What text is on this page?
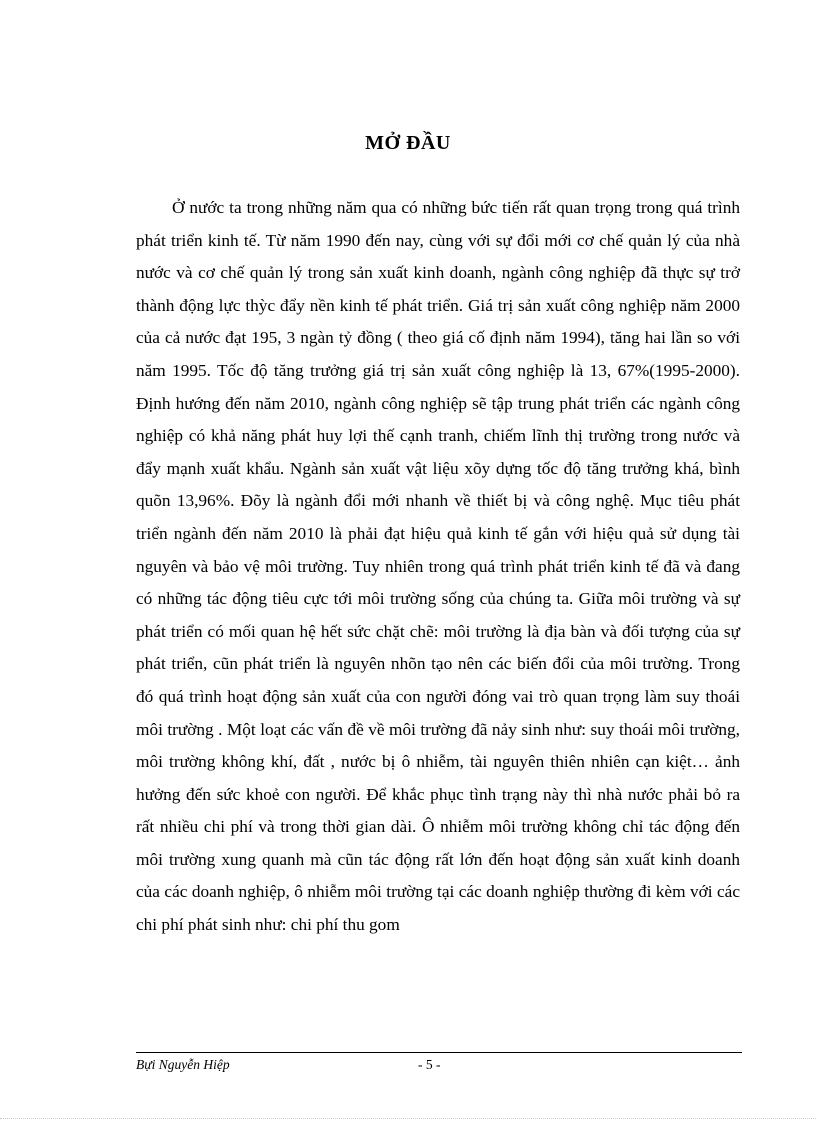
MỞ ĐẦU

Ở nước ta trong những năm qua có những bức tiến rất quan trọng trong quá trình phát triển kinh tế. Từ năm 1990 đến nay, cùng với sự đổi mới cơ chế quản lý của nhà nước và cơ chế quản lý trong sản xuất kinh doanh, ngành công nghiệp đã thực sự trở thành động lực thỳc đẩy nền kinh tế phát triển. Giá trị sản xuất công nghiệp năm 2000 của cả nước đạt 195, 3 ngàn tỷ đồng ( theo giá cố định năm 1994), tăng hai lần so với năm 1995. Tốc độ tăng trưởng giá trị sản xuất công nghiệp là 13, 67%(1995-2000). Định hướng đến năm 2010, ngành công nghiệp sẽ tập trung phát triển các ngành công nghiệp có khả năng phát huy lợi thế cạnh tranh, chiếm lĩnh thị trường trong nước và đẩy mạnh xuất khẩu. Ngành sản xuất vật liệu xõy dựng tốc độ tăng trưởng khá, bình quõn 13,96%. Đõy là ngành đổi mới nhanh về thiết bị và công nghệ. Mục tiêu phát triển ngành đến năm 2010 là phải đạt hiệu quả kinh tế gắn với hiệu quả sử dụng tài nguyên và bảo vệ môi trường. Tuy nhiên trong quá trình phát triển kinh tế đã và đang có những tác động tiêu cực tới môi trường sống của chúng ta. Giữa môi trường và sự phát triển có mối quan hệ hết sức chặt chẽ: môi trường là địa bàn và đối tượng của sự phát triển, cũn phát triển là nguyên nhõn tạo nên các biến đổi của môi trường. Trong đó quá trình hoạt động sản xuất của con người đóng vai trò quan trọng làm suy thoái môi trường . Một loạt các vấn đề về môi trường đã nảy sinh như: suy thoái môi trường, môi trường không khí, đất , nước bị ô nhiễm, tài nguyên thiên nhiên cạn kiệt… ảnh hưởng đến sức khoẻ con người. Để khắc phục tình trạng này thì nhà nước phải bỏ ra rất nhiều chi phí và trong thời gian dài. Ô nhiễm môi trường không chỉ tác động đến môi trường xung quanh mà cũn tác động rất lớn đến hoạt động sản xuất kinh doanh của các doanh nghiệp, ô nhiễm môi trường tại các doanh nghiệp thường đi kèm với các chi phí phát sinh như: chi phí thu gom

Bựi Nguyễn Hiệp	- 5 -
